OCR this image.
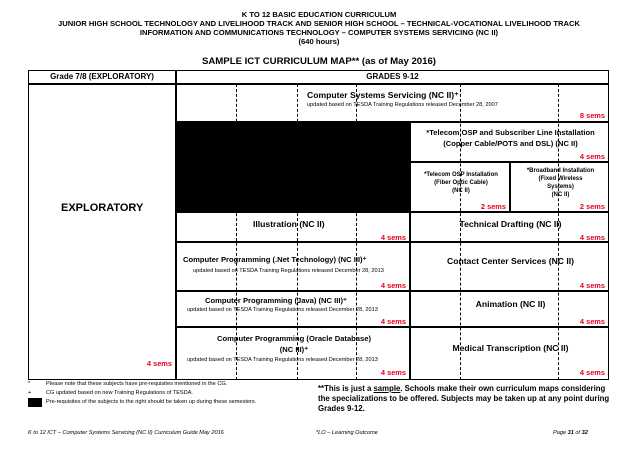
K TO 12 BASIC EDUCATION CURRICULUM
JUNIOR HIGH SCHOOL TECHNOLOGY AND LIVELIHOOD TRACK AND SENIOR HIGH SCHOOL – TECHNICAL-VOCATIONAL LIVELIHOOD TRACK
INFORMATION AND COMMUNICATIONS TECHNOLOGY – COMPUTER SYSTEMS SERVICING (NC II)
(640 hours)
SAMPLE ICT CURRICULUM MAP** (as of May 2016)
Grade 7/8 (EXPLORATORY)	GRADES 9-12
EXPLORATORY
4 sems
Computer Systems Servicing (NC II)⁺
updated based on TESDA Training Regulations released December 28, 2007
8 sems
*Telecom OSP and Subscriber Line Installation
(Copper Cable/POTS and DSL) (NC II)
4 sems
*Telecom OSP Installation
(Fiber Optic Cable)
(NC II)
2 sems
*Broadband Installation
(Fixed Wireless
Systems)
(NC II)
2 sems
Illustration (NC II)
4 sems
Technical Drafting (NC II)
4 sems
Computer Programming (.Net Technology) (NC III)⁺
updated based on TESDA Training Regulations released December 28, 2013
4 sems
Contact Center Services (NC II)
4 sems
Computer Programming (Java) (NC III)⁺
updated based on TESDA Training Regulations released December 28, 2013
4 sems
Animation (NC II)
4 sems
Computer Programming (Oracle Database)
(NC III)⁺
updated based on TESDA Training Regulations released December 28, 2013
4 sems
Medical Transcription (NC II)
4 sems
*	Please note that these subjects have pre-requisites mentioned in the CG.
+	CG updated based on new Training Regulations of TESDA.
Pre-requisites of the subjects to the right should be taken up during these semesters.
**This is just a sample. Schools make their own curriculum maps considering the specializations to be offered. Subjects may be taken up at any point during Grades 9-12.
K to 12 ICT – Computer Systems Servicing (NC II) Curriculum Guide May 2016	*LO – Learning Outcome	Page 31 of 32
